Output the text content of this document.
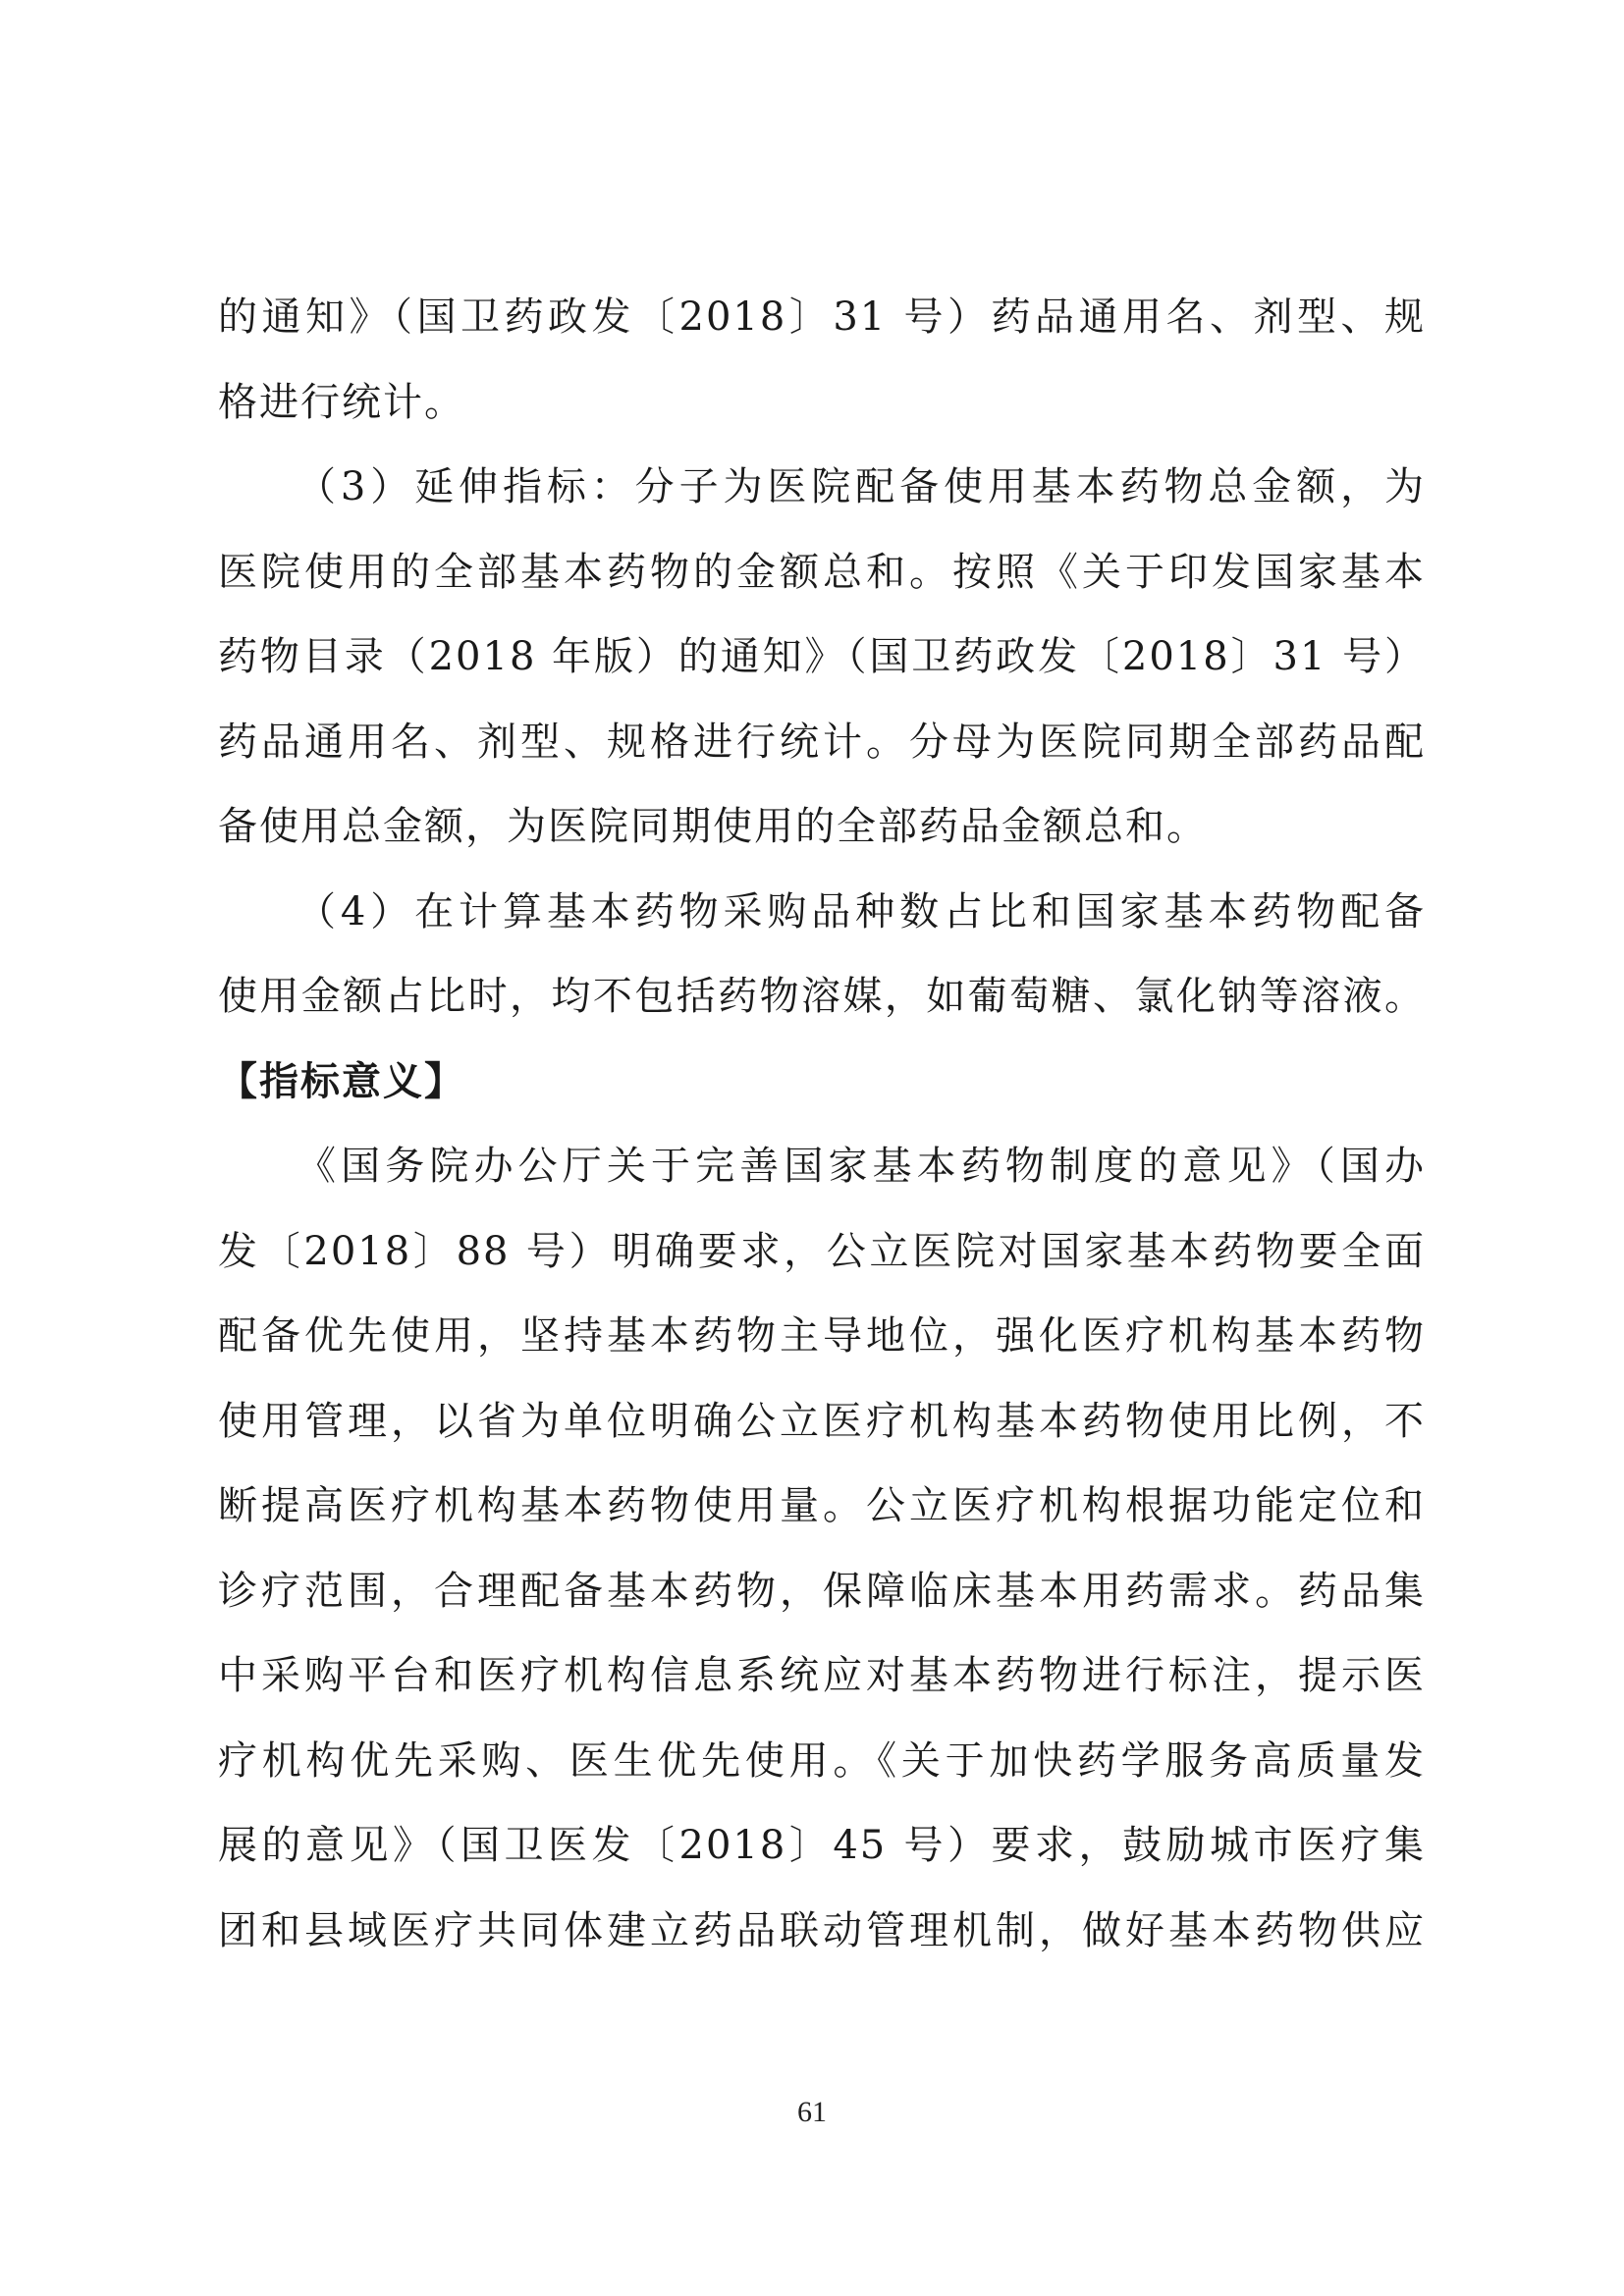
的通知》（国卫药政发〔2018〕31 号）药品通用名、剂型、规
格进行统计。
（3）延伸指标：分子为医院配备使用基本药物总金额，为
医院使用的全部基本药物的金额总和。按照《关于印发国家基本
药物目录（2018 年版）的通知》（国卫药政发〔2018〕31 号）
药品通用名、剂型、规格进行统计。分母为医院同期全部药品配
备使用总金额，为医院同期使用的全部药品金额总和。
（4）在计算基本药物采购品种数占比和国家基本药物配备
使用金额占比时，均不包括药物溶媒，如葡萄糖、氯化钠等溶液。
【指标意义】
《国务院办公厅关于完善国家基本药物制度的意见》（国办
发〔2018〕88 号）明确要求，公立医院对国家基本药物要全面
配备优先使用，坚持基本药物主导地位，强化医疗机构基本药物
使用管理，以省为单位明确公立医疗机构基本药物使用比例，不
断提高医疗机构基本药物使用量。公立医疗机构根据功能定位和
诊疗范围，合理配备基本药物，保障临床基本用药需求。药品集
中采购平台和医疗机构信息系统应对基本药物进行标注，提示医
疗机构优先采购、医生优先使用。《关于加快药学服务高质量发
展的意见》（国卫医发〔2018〕45 号）要求，鼓励城市医疗集
团和县域医疗共同体建立药品联动管理机制，做好基本药物供应
61
